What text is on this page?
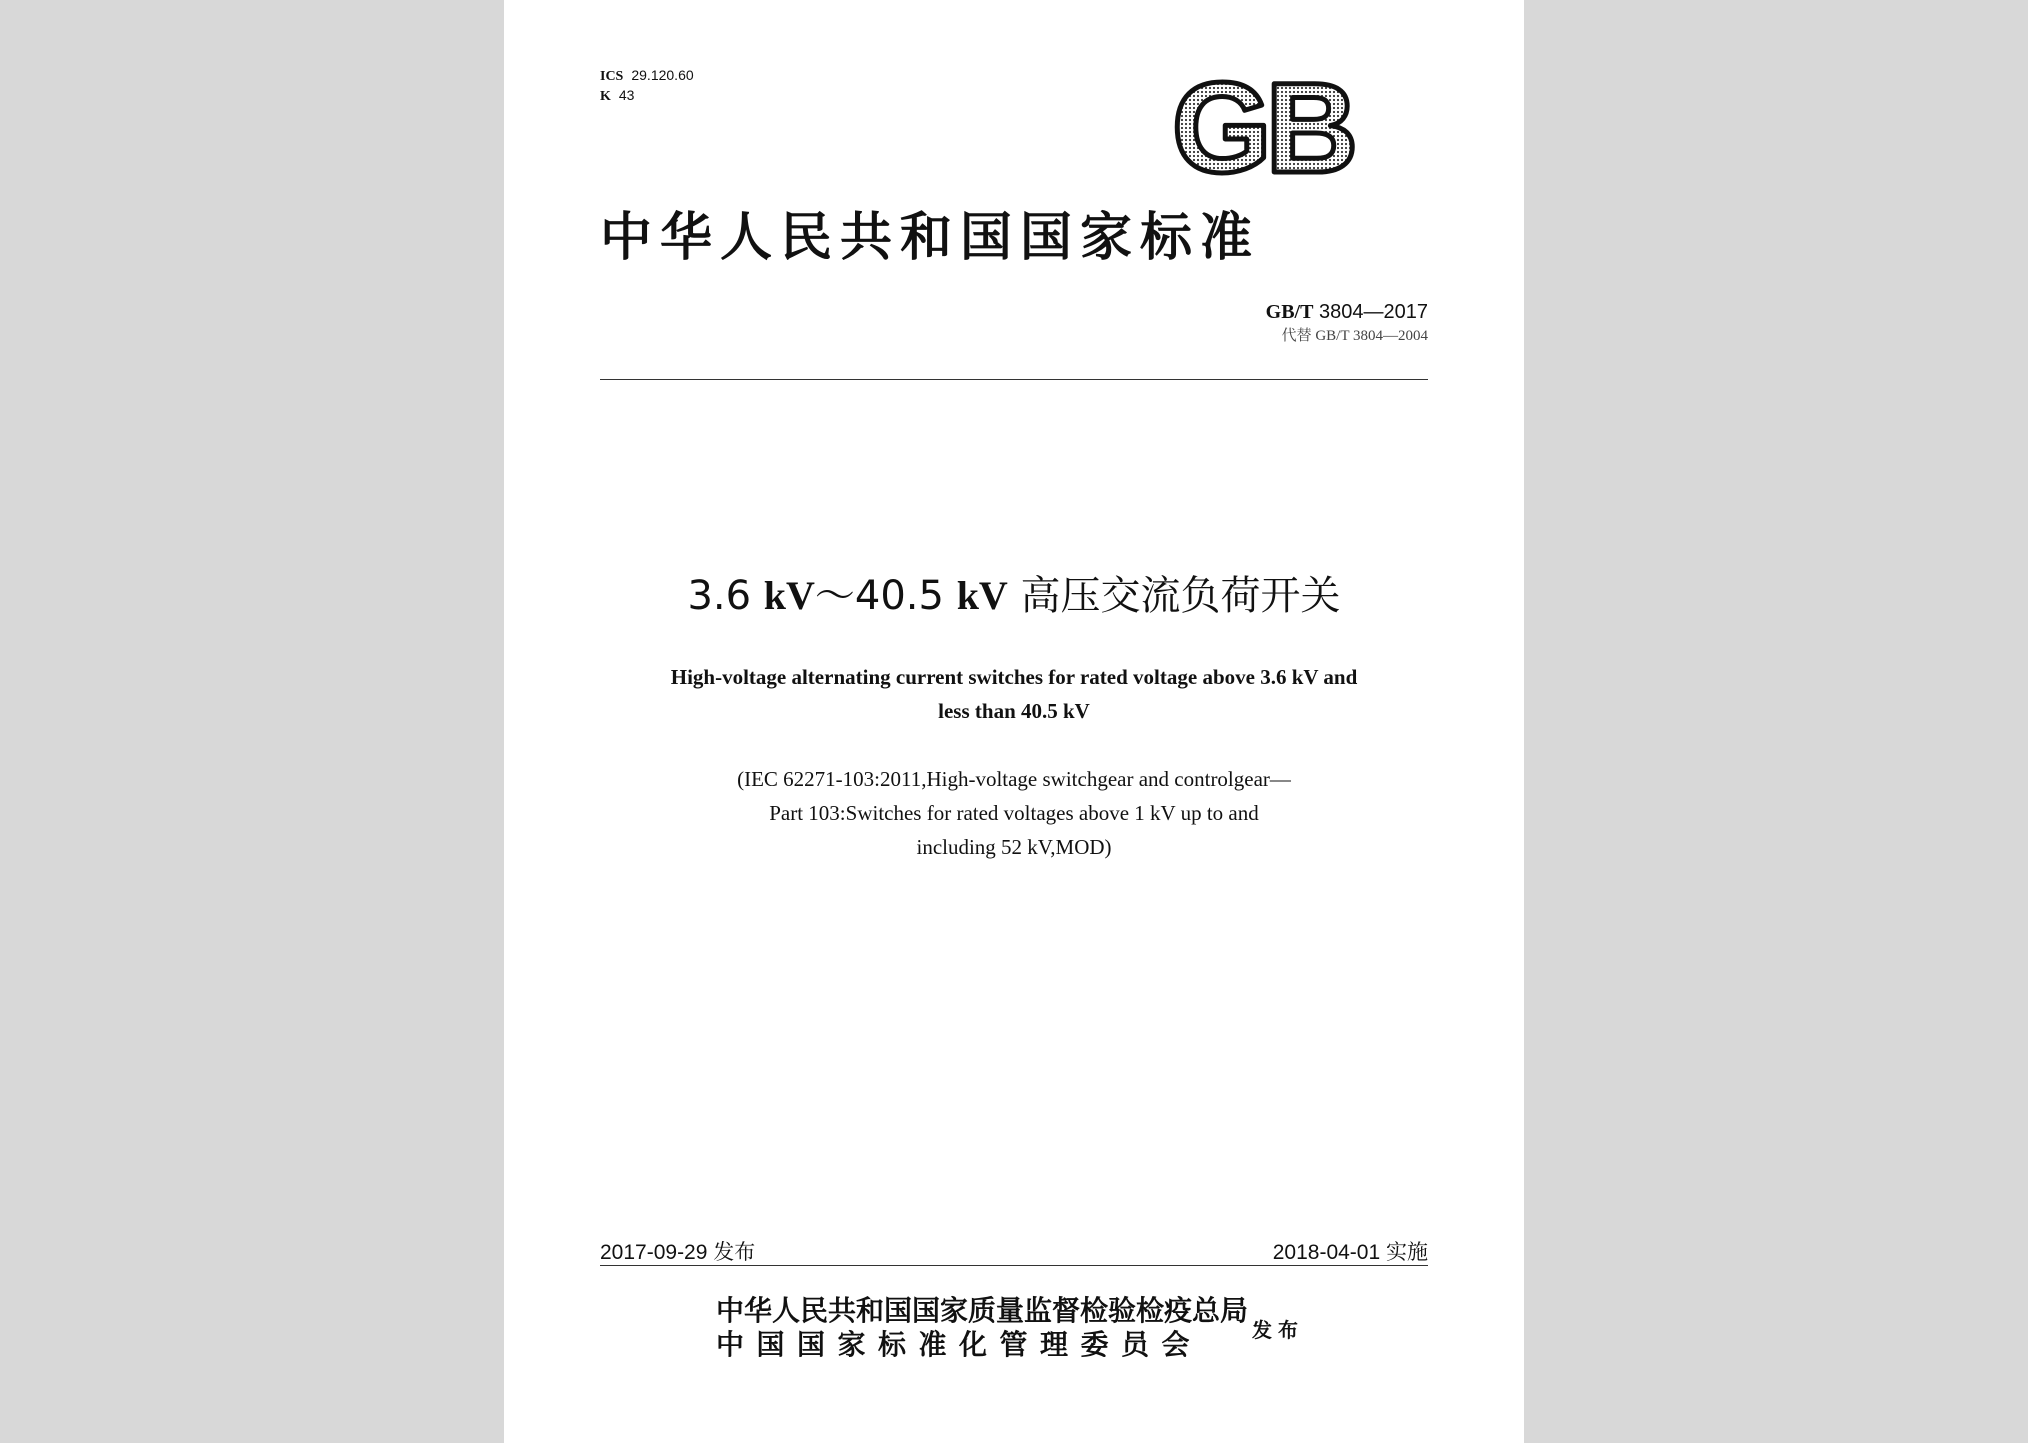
ICS 29.120.60
K 43	GB
中华人民共和国国家标准
GB/T 3804—2017
代替 GB/T 3804—2004
3.6 kV～40.5 kV 高压交流负荷开关
High-voltage alternating current switches for rated voltage above 3.6 kV and
less than 40.5 kV
(IEC 62271-103:2011,High-voltage switchgear and controlgear—
Part 103:Switches for rated voltages above 1 kV up to and
including 52 kV,MOD)
2017-09-29 发布	2018-04-01 实施
中华人民共和国国家质量监督检验检疫总局
中国国家标准化管理委员会	发布
